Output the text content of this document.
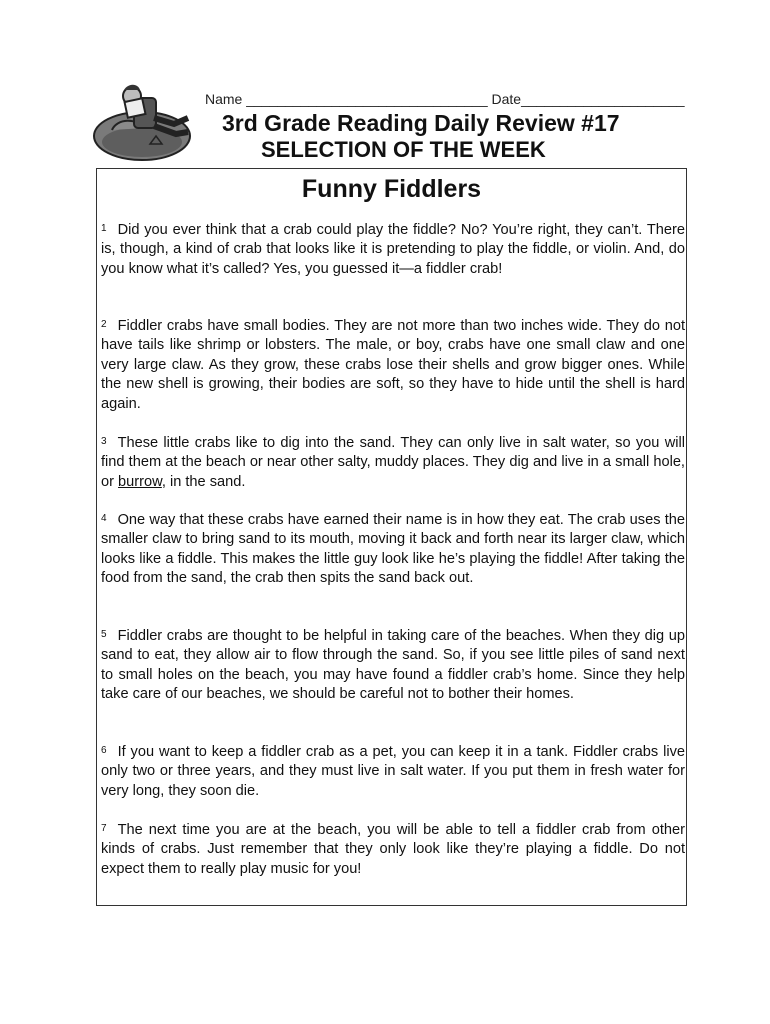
Name _______________________________ Date_____________________
3rd Grade Reading Daily Review #17
SELECTION OF THE WEEK
Funny Fiddlers
$^1$ Did you ever think that a crab could play the fiddle? No? You’re right, they can’t. There is, though, a kind of crab that looks like it is pretending to play the fiddle, or violin. And, do you know what it’s called? Yes, you guessed it—a fiddler crab!
$^2$ Fiddler crabs have small bodies. They are not more than two inches wide. They do not have tails like shrimp or lobsters. The male, or boy, crabs have one small claw and one very large claw. As they grow, these crabs lose their shells and grow bigger ones. While the new shell is growing, their bodies are soft, so they have to hide until the shell is hard again.
$^3$ These little crabs like to dig into the sand. They can only live in salt water, so you will find them at the beach or near other salty, muddy places. They dig and live in a small hole, or burrow, in the sand.
$^4$ One way that these crabs have earned their name is in how they eat. The crab uses the smaller claw to bring sand to its mouth, moving it back and forth near its larger claw, which looks like a fiddle. This makes the little guy look like he’s playing the fiddle! After taking the food from the sand, the crab then spits the sand back out.
$^5$ Fiddler crabs are thought to be helpful in taking care of the beaches. When they dig up sand to eat, they allow air to flow through the sand. So, if you see little piles of sand next to small holes on the beach, you may have found a fiddler crab’s home. Since they help take care of our beaches, we should be careful not to bother their homes.
$^6$ If you want to keep a fiddler crab as a pet, you can keep it in a tank. Fiddler crabs live only two or three years, and they must live in salt water. If you put them in fresh water for very long, they soon die.
$^7$ The next time you are at the beach, you will be able to tell a fiddler crab from other kinds of crabs. Just remember that they only look like they’re playing a fiddle. Do not expect them to really play music for you!
